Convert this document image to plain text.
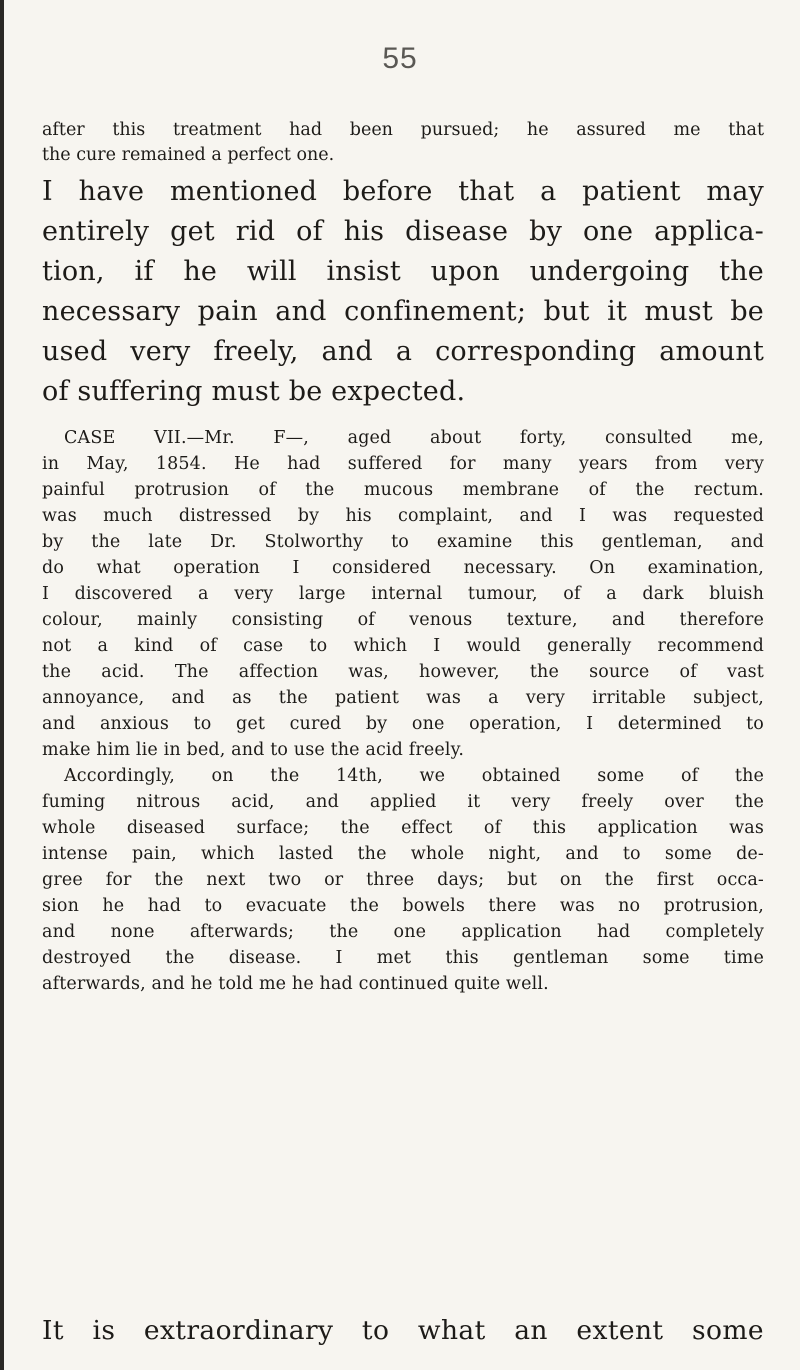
55
after this treatment had been pursued; he assured me that
the cure remained a perfect one.
I have mentioned before that a patient may
entirely get rid of his disease by one applica-
tion, if he will insist upon undergoing the
necessary pain and confinement; but it must be
used very freely, and a corresponding amount
of suffering must be expected.
CASE VII.—Mr. F—, aged about forty, consulted me,
in May, 1854. He had suffered for many years from very
painful protrusion of the mucous membrane of the rectum.
was much distressed by his complaint, and I was requested
by the late Dr. Stolworthy to examine this gentleman, and
do what operation I considered necessary. On examination,
I discovered a very large internal tumour, of a dark bluish
colour, mainly consisting of venous texture, and therefore
not a kind of case to which I would generally recommend
the acid. The affection was, however, the source of vast
annoyance, and as the patient was a very irritable subject,
and anxious to get cured by one operation, I determined to
make him lie in bed, and to use the acid freely.
Accordingly, on the 14th, we obtained some of the
fuming nitrous acid, and applied it very freely over the
whole diseased surface; the effect of this application was
intense pain, which lasted the whole night, and to some de-
gree for the next two or three days; but on the first occa-
sion he had to evacuate the bowels there was no protrusion,
and none afterwards; the one application had completely
destroyed the disease. I met this gentleman some time
afterwards, and he told me he had continued quite well.
It is extraordinary to what an extent some
